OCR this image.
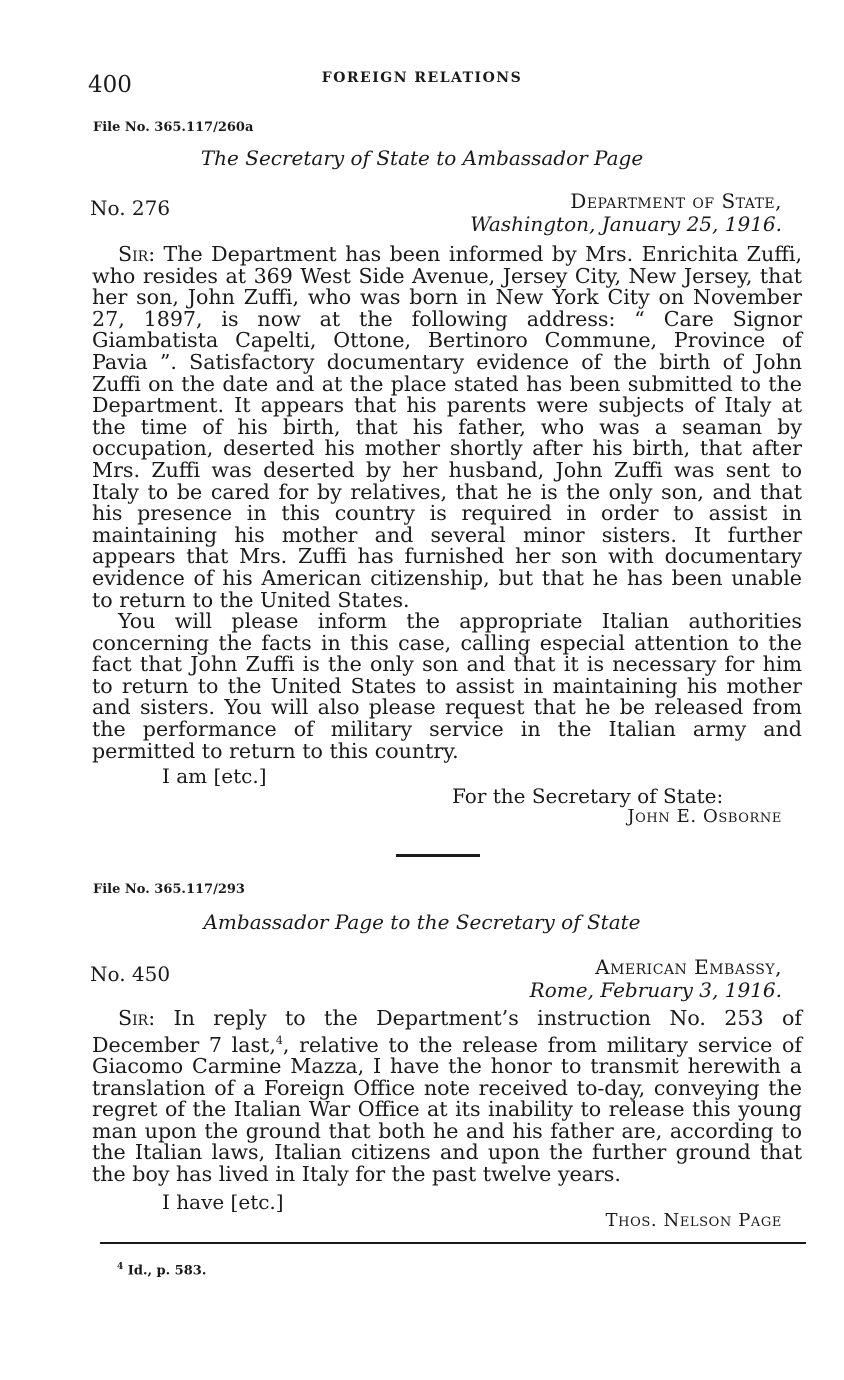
400	FOREIGN RELATIONS
File No. 365.117/260a
The Secretary of State to Ambassador Page
No. 276	Department of State,
Washington, January 25, 1916.

Sir: The Department has been informed by Mrs. Enrichita Zuffi, who resides at 369 West Side Avenue, Jersey City, New Jersey, that her son, John Zuffi, who was born in New York City on November 27, 1897, is now at the following address: “ Care Signor Giambatista Capelti, Ottone, Bertinoro Commune, Province of Pavia ”. Satisfactory documentary evidence of the birth of John Zuffi on the date and at the place stated has been submitted to the Department. It appears that his parents were subjects of Italy at the time of his birth, that his father, who was a seaman by occupation, deserted his mother shortly after his birth, that after Mrs. Zuffi was deserted by her husband, John Zuffi was sent to Italy to be cared for by relatives, that he is the only son, and that his presence in this country is required in order to assist in maintaining his mother and several minor sisters. It further appears that Mrs. Zuffi has furnished her son with documentary evidence of his American citizenship, but that he has been unable to return to the United States.

You will please inform the appropriate Italian authorities concerning the facts in this case, calling especial attention to the fact that John Zuffi is the only son and that it is necessary for him to return to the United States to assist in maintaining his mother and sisters. You will also please request that he be released from the performance of military service in the Italian army and permitted to return to this country.

I am [etc.]
For the Secretary of State:
John E. Osborne
File No. 365.117/293
Ambassador Page to the Secretary of State
No. 450	American Embassy,
Rome, February 3, 1916.

Sir: In reply to the Department’s instruction No. 253 of December 7 last,$^4$, relative to the release from military service of Giacomo Carmine Mazza, I have the honor to transmit herewith a translation of a Foreign Office note received to-day, conveying the regret of the Italian War Office at its inability to release this young man upon the ground that both he and his father are, according to the Italian laws, Italian citizens and upon the further ground that the boy has lived in Italy for the past twelve years.

I have [etc.]
Thos. Nelson Page
$^4$ Id., p. 583.
